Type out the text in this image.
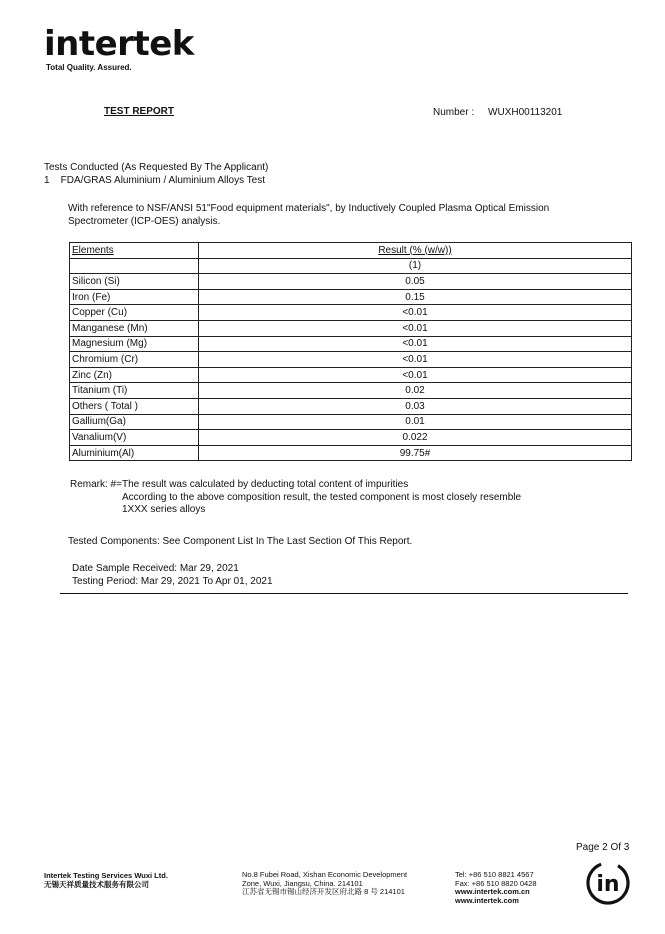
intertek
Total Quality. Assured.
TEST REPORT	Number : WUXH00113201
Tests Conducted (As Requested By The Applicant)
1    FDA/GRAS Aluminium / Aluminium Alloys Test
With reference to NSF/ANSI 51"Food equipment materials", by Inductively Coupled Plasma Optical Emission Spectrometer (ICP-OES) analysis.
Elements	Result (% (w/w))
	(1)
Silicon (Si)	0.05
Iron (Fe)	0.15
Copper (Cu)	<0.01
Manganese (Mn)	<0.01
Magnesium (Mg)	<0.01
Chromium (Cr)	<0.01
Zinc (Zn)	<0.01
Titanium (Ti)	0.02
Others ( Total )	0.03
Gallium(Ga)	0.01
Vanalium(V)	0.022
Aluminium(Al)	99.75#
Remark: #=The result was calculated by deducting total content of impurities
According to the above composition result, the tested component is most closely resemble
1XXX series alloys
Tested Components: See Component List In The Last Section Of This Report.
Date Sample Received: Mar 29, 2021
Testing Period: Mar 29, 2021 To Apr 01, 2021
Page 2 Of 3
Intertek Testing Services Wuxi Ltd.
无锡天祥质量技术服务有限公司
No.8 Fubei Road, Xishan Economic Development
Zone, Wuxi, Jiangsu, China. 214101
江苏省无锡市锡山经济开发区府北路 8 号 214101
Tel: +86 510 8821 4567
Fax: +86 510 8820 0428
www.intertek.com.cn
www.intertek.com
in
